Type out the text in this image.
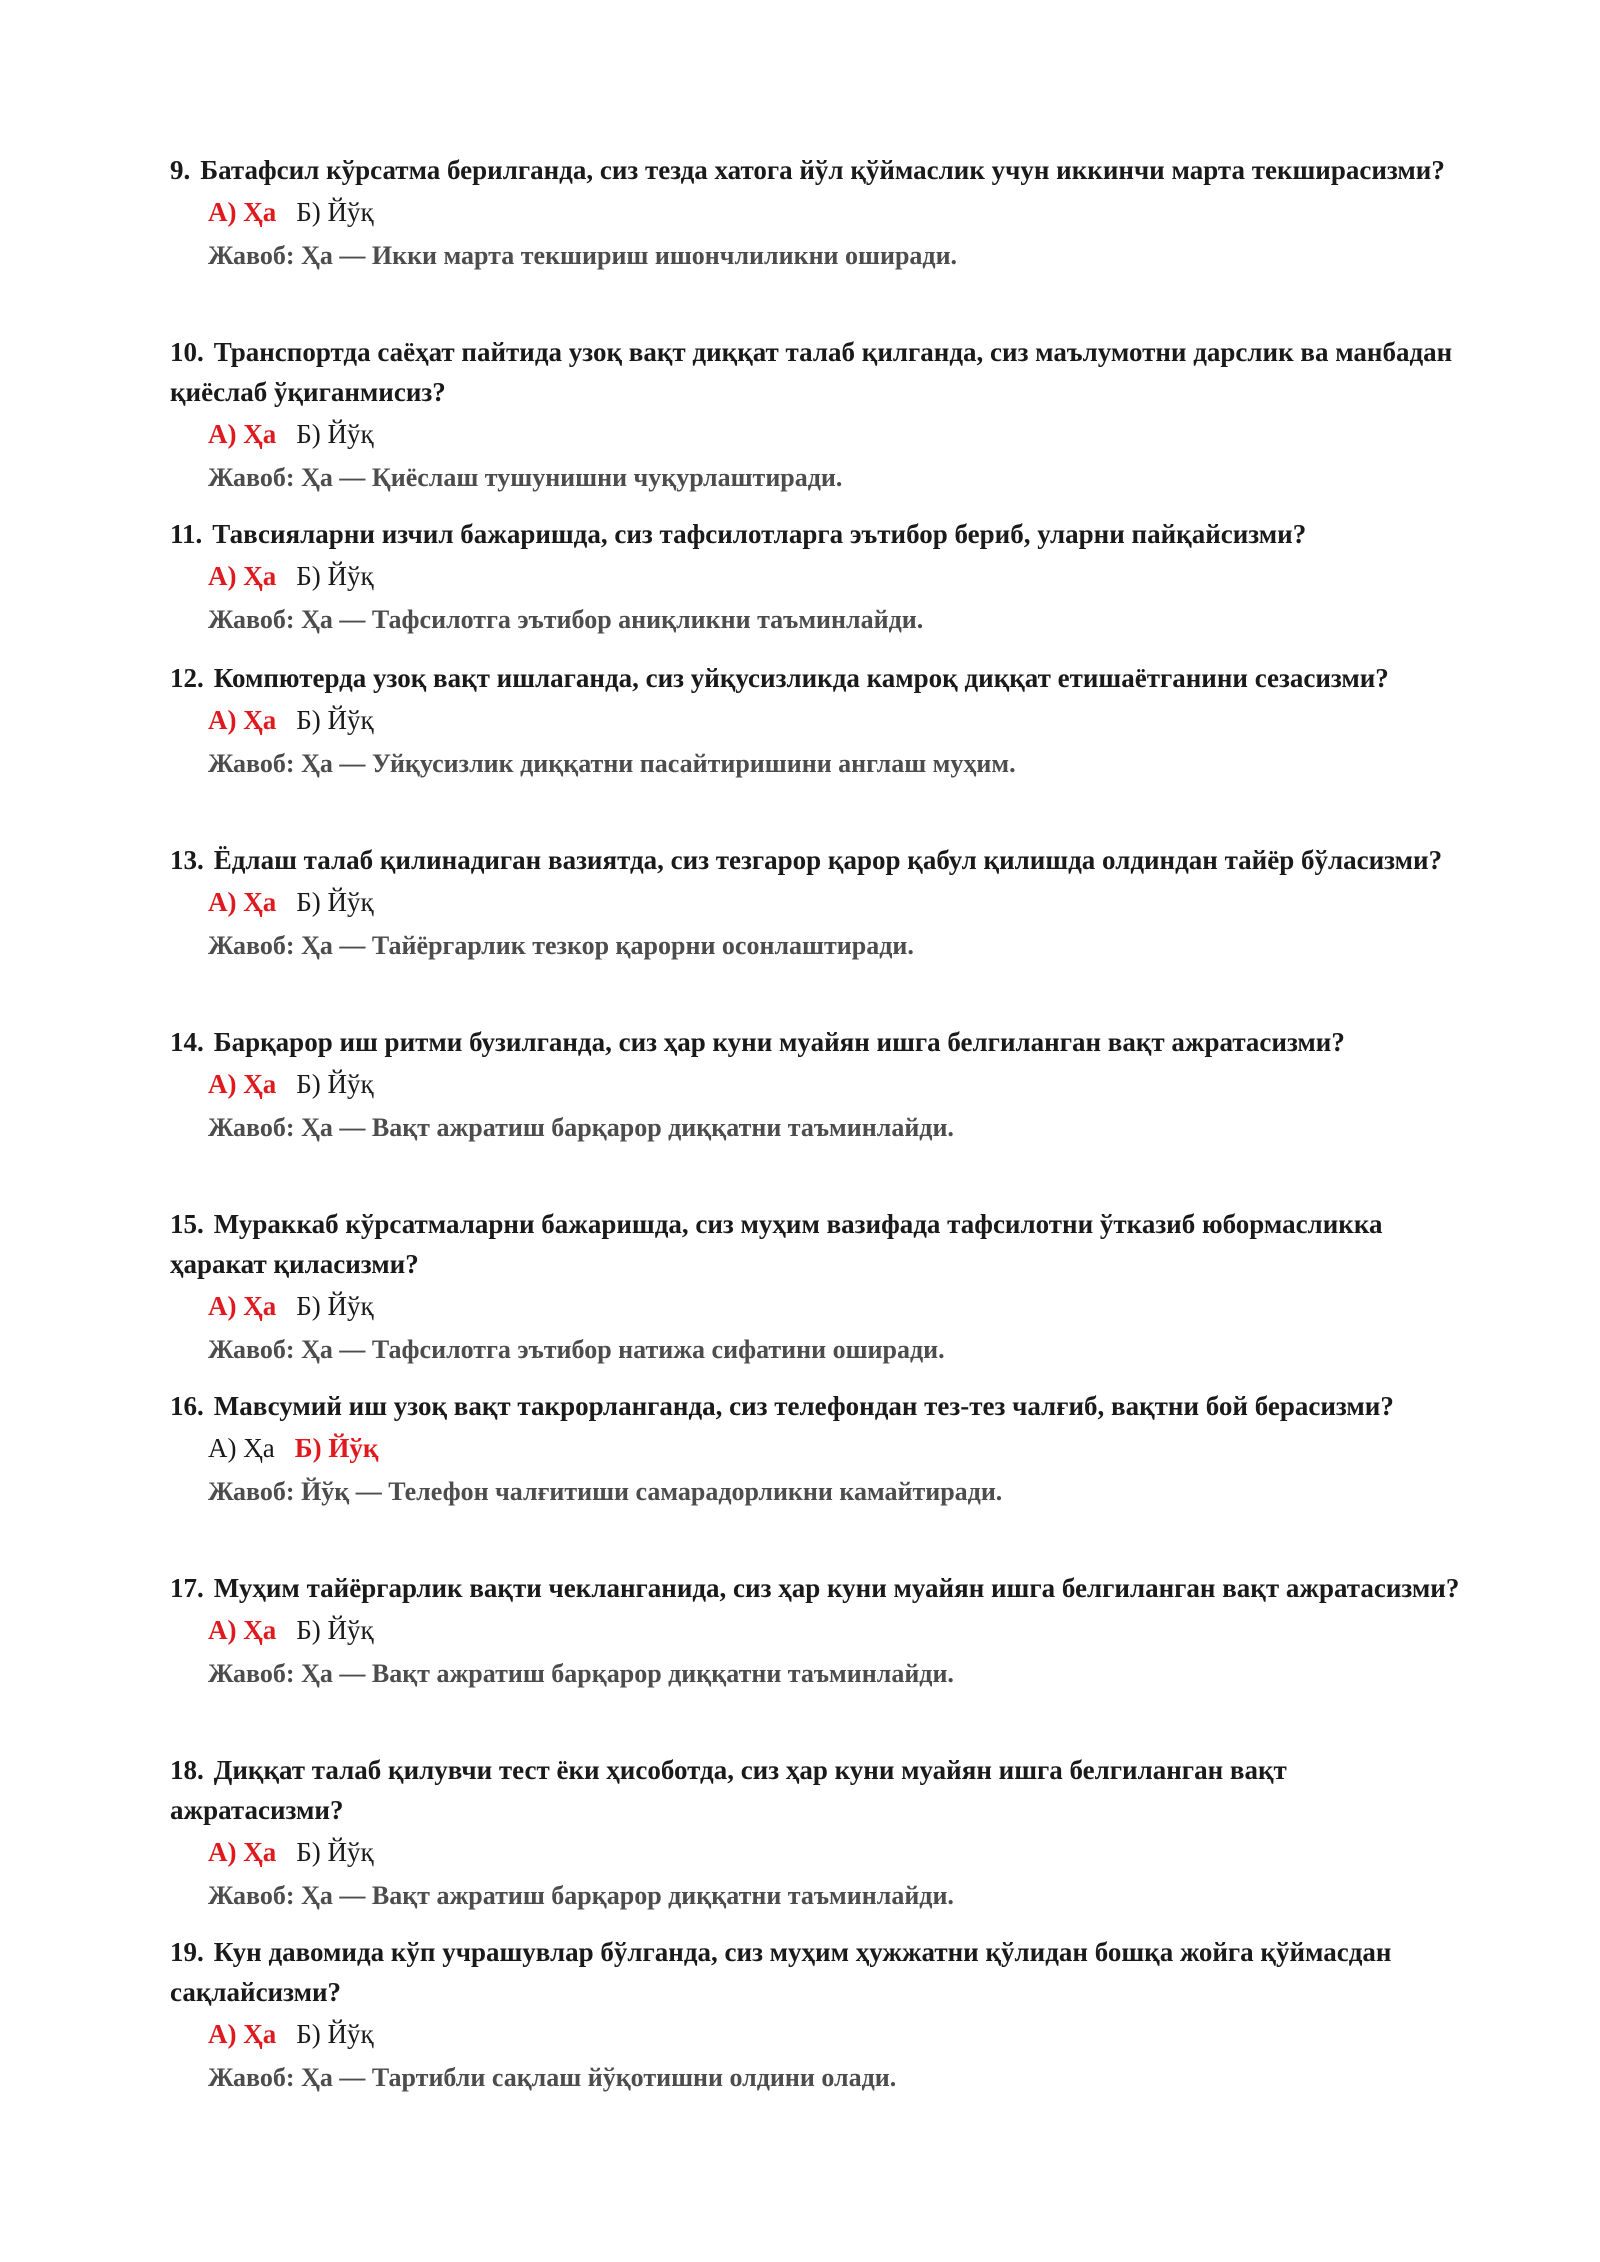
9. Батафсил кўрсатма берилганда, сиз тезда хатога йўл қўймаслик учун иккинчи марта текширасизми?

А) Ҳа Б) Йўқ
Жавоб: Ҳа — Икки марта текшириш ишончлиликни оширади.

10. Транспортда саёҳат пайтида узоқ вақт диққат талаб қилганда, сиз маълумотни дарслик ва манбадан қиёслаб ўқиганмисиз?

А) Ҳа Б) Йўқ
Жавоб: Ҳа — Қиёслаш тушунишни чуқурлаштиради.

11. Тавсияларни изчил бажаришда, сиз тафсилотларга эътибор бериб, уларни пайқайсизми?

А) Ҳа Б) Йўқ
Жавоб: Ҳа — Тафсилотга эътибор аниқликни таъминлайди.

12. Компютерда узоқ вақт ишлаганда, сиз уйқусизликда камроқ диққат етишаётганини сезасизми?

А) Ҳа Б) Йўқ
Жавоб: Ҳа — Уйқусизлик диққатни пасайтиришини англаш муҳим.

13. Ёдлаш талаб қилинадиган вазиятда, сиз тезгарор қарор қабул қилишда олдиндан тайёр бўласизми?

А) Ҳа Б) Йўқ
Жавоб: Ҳа — Тайёргарлик тезкор қарорни осонлаштиради.

14. Барқарор иш ритми бузилганда, сиз ҳар куни муайян ишга белгиланган вақт ажратасизми?

А) Ҳа Б) Йўқ
Жавоб: Ҳа — Вақт ажратиш барқарор диққатни таъминлайди.

15. Мураккаб кўрсатмаларни бажаришда, сиз муҳим вазифада тафсилотни ўтказиб юбормасликка ҳаракат қиласизми?

А) Ҳа Б) Йўқ
Жавоб: Ҳа — Тафсилотга эътибор натижа сифатини оширади.

16. Мавсумий иш узоқ вақт такрорланганда, сиз телефондан тез-тез чалғиб, вақтни бой берасизми?

А) Ҳа Б) Йўқ
Жавоб: Йўқ — Телефон чалғитиши самарадорликни камайтиради.

17. Муҳим тайёргарлик вақти чекланганида, сиз ҳар куни муайян ишга белгиланган вақт ажратасизми?

А) Ҳа Б) Йўқ
Жавоб: Ҳа — Вақт ажратиш барқарор диққатни таъминлайди.

18. Диққат талаб қилувчи тест ёки ҳисоботда, сиз ҳар куни муайян ишга белгиланган вақт ажратасизми?

А) Ҳа Б) Йўқ
Жавоб: Ҳа — Вақт ажратиш барқарор диққатни таъминлайди.

19. Кун давомида кўп учрашувлар бўлганда, сиз муҳим ҳужжатни қўлидан бошқа жойга қўймасдан сақлайсизми?

А) Ҳа Б) Йўқ
Жавоб: Ҳа — Тартибли сақлаш йўқотишни олдини олади.
